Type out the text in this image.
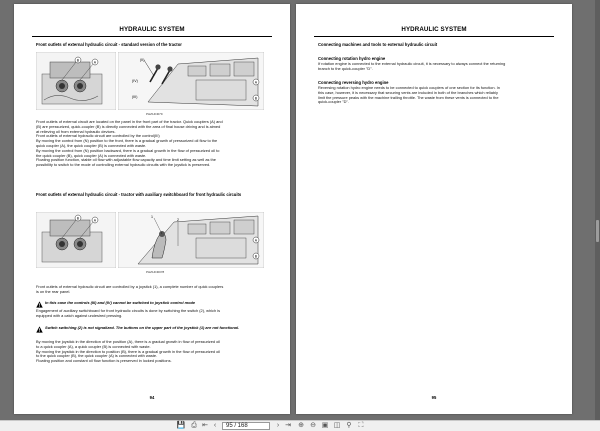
HYDRAULIC SYSTEM
Front outlets of external hydraulic circuit - standard version of the tractor
B	A
(II)
(IV)
(III)
A
B
PHZ14N079
Front outlets of external circuit are located on the panel in the front part of the tractor. Quick couplers (A) and
(B) are pressurized, quick-coupler (B) is directly connected with the area of final house driving and is aimed
at relieving oil from external hydraulic devices.
Front outlets of external hydraulic circuit are controlled by the control(III)
By moving the control from (N) position to the front, there is a gradual growth of pressurized oil flow to the
quick coupler (A), the quick coupler (B) is connected with waste.
By moving the control from (N) position backward, there is a gradual growth in the flow of pressurized oil to
the quick coupler (B), quick coupler (A) is connected with waste.
Floating position function, stable oil flow with adjustable flow capacity and time limit setting as well as the
possibility to switch to the mode of controlling external hydraulic circuits with the joystick is preserved.
Front outlets of external hydraulic circuit - tractor with auxiliary switchboard for front hydraulic circuits
B	A
1
2
A
B
PHZ14N0078
Front outlets of external hydraulic circuit are controlled by a joystick (1), a complete number of quick couplers
is on the rear panel.
In this case the controls (III) and (IV) cannot be switched to joystick control mode
Engagement of auxiliary switchboard for front hydraulic circuits is done by switching the switch (2), which is
equipped with a catch against undesired pressing.
Switch switching (2) is not signalized. The buttons on the upper part of the joystick (1) are not functional.
By moving the joystick in the direction of the position (A), there is a gradual growth in flow of pressurized oil
to a quick coupler (A), a quick coupler (B) is connected with waste.
By moving the joystick in the direction to position (B), there is a gradual growth in the flow of pressurized oil
to the quick coupler (B), the quick coupler (A) is connected with waste.
Floating position and constant oil flow function is preserved in locked positions.
94
HYDRAULIC SYSTEM
Connecting machines and tools to external hydraulic circuit
Connecting rotation hydro engine
If rotation engine is connected to the external hydraulic circuit, it is necessary to always connect the returning
branch to the quick-coupler "D".
Connecting reversing hydro engine
Reversing rotation hydro engine needs to be connected to quick couplers of one section for its function. In
this case, however, it is necessary that securing vents are included in both of the branches which reliably
limit the pressure peaks with the machine trailing throttle. The waste from these vents is connected to the
quick-coupler "D".
95
💾 ⎙ ⇤ ‹	95 / 168	› ⇥ ⊕ ⊖ ▣ ◫ ⚲ ⛶
